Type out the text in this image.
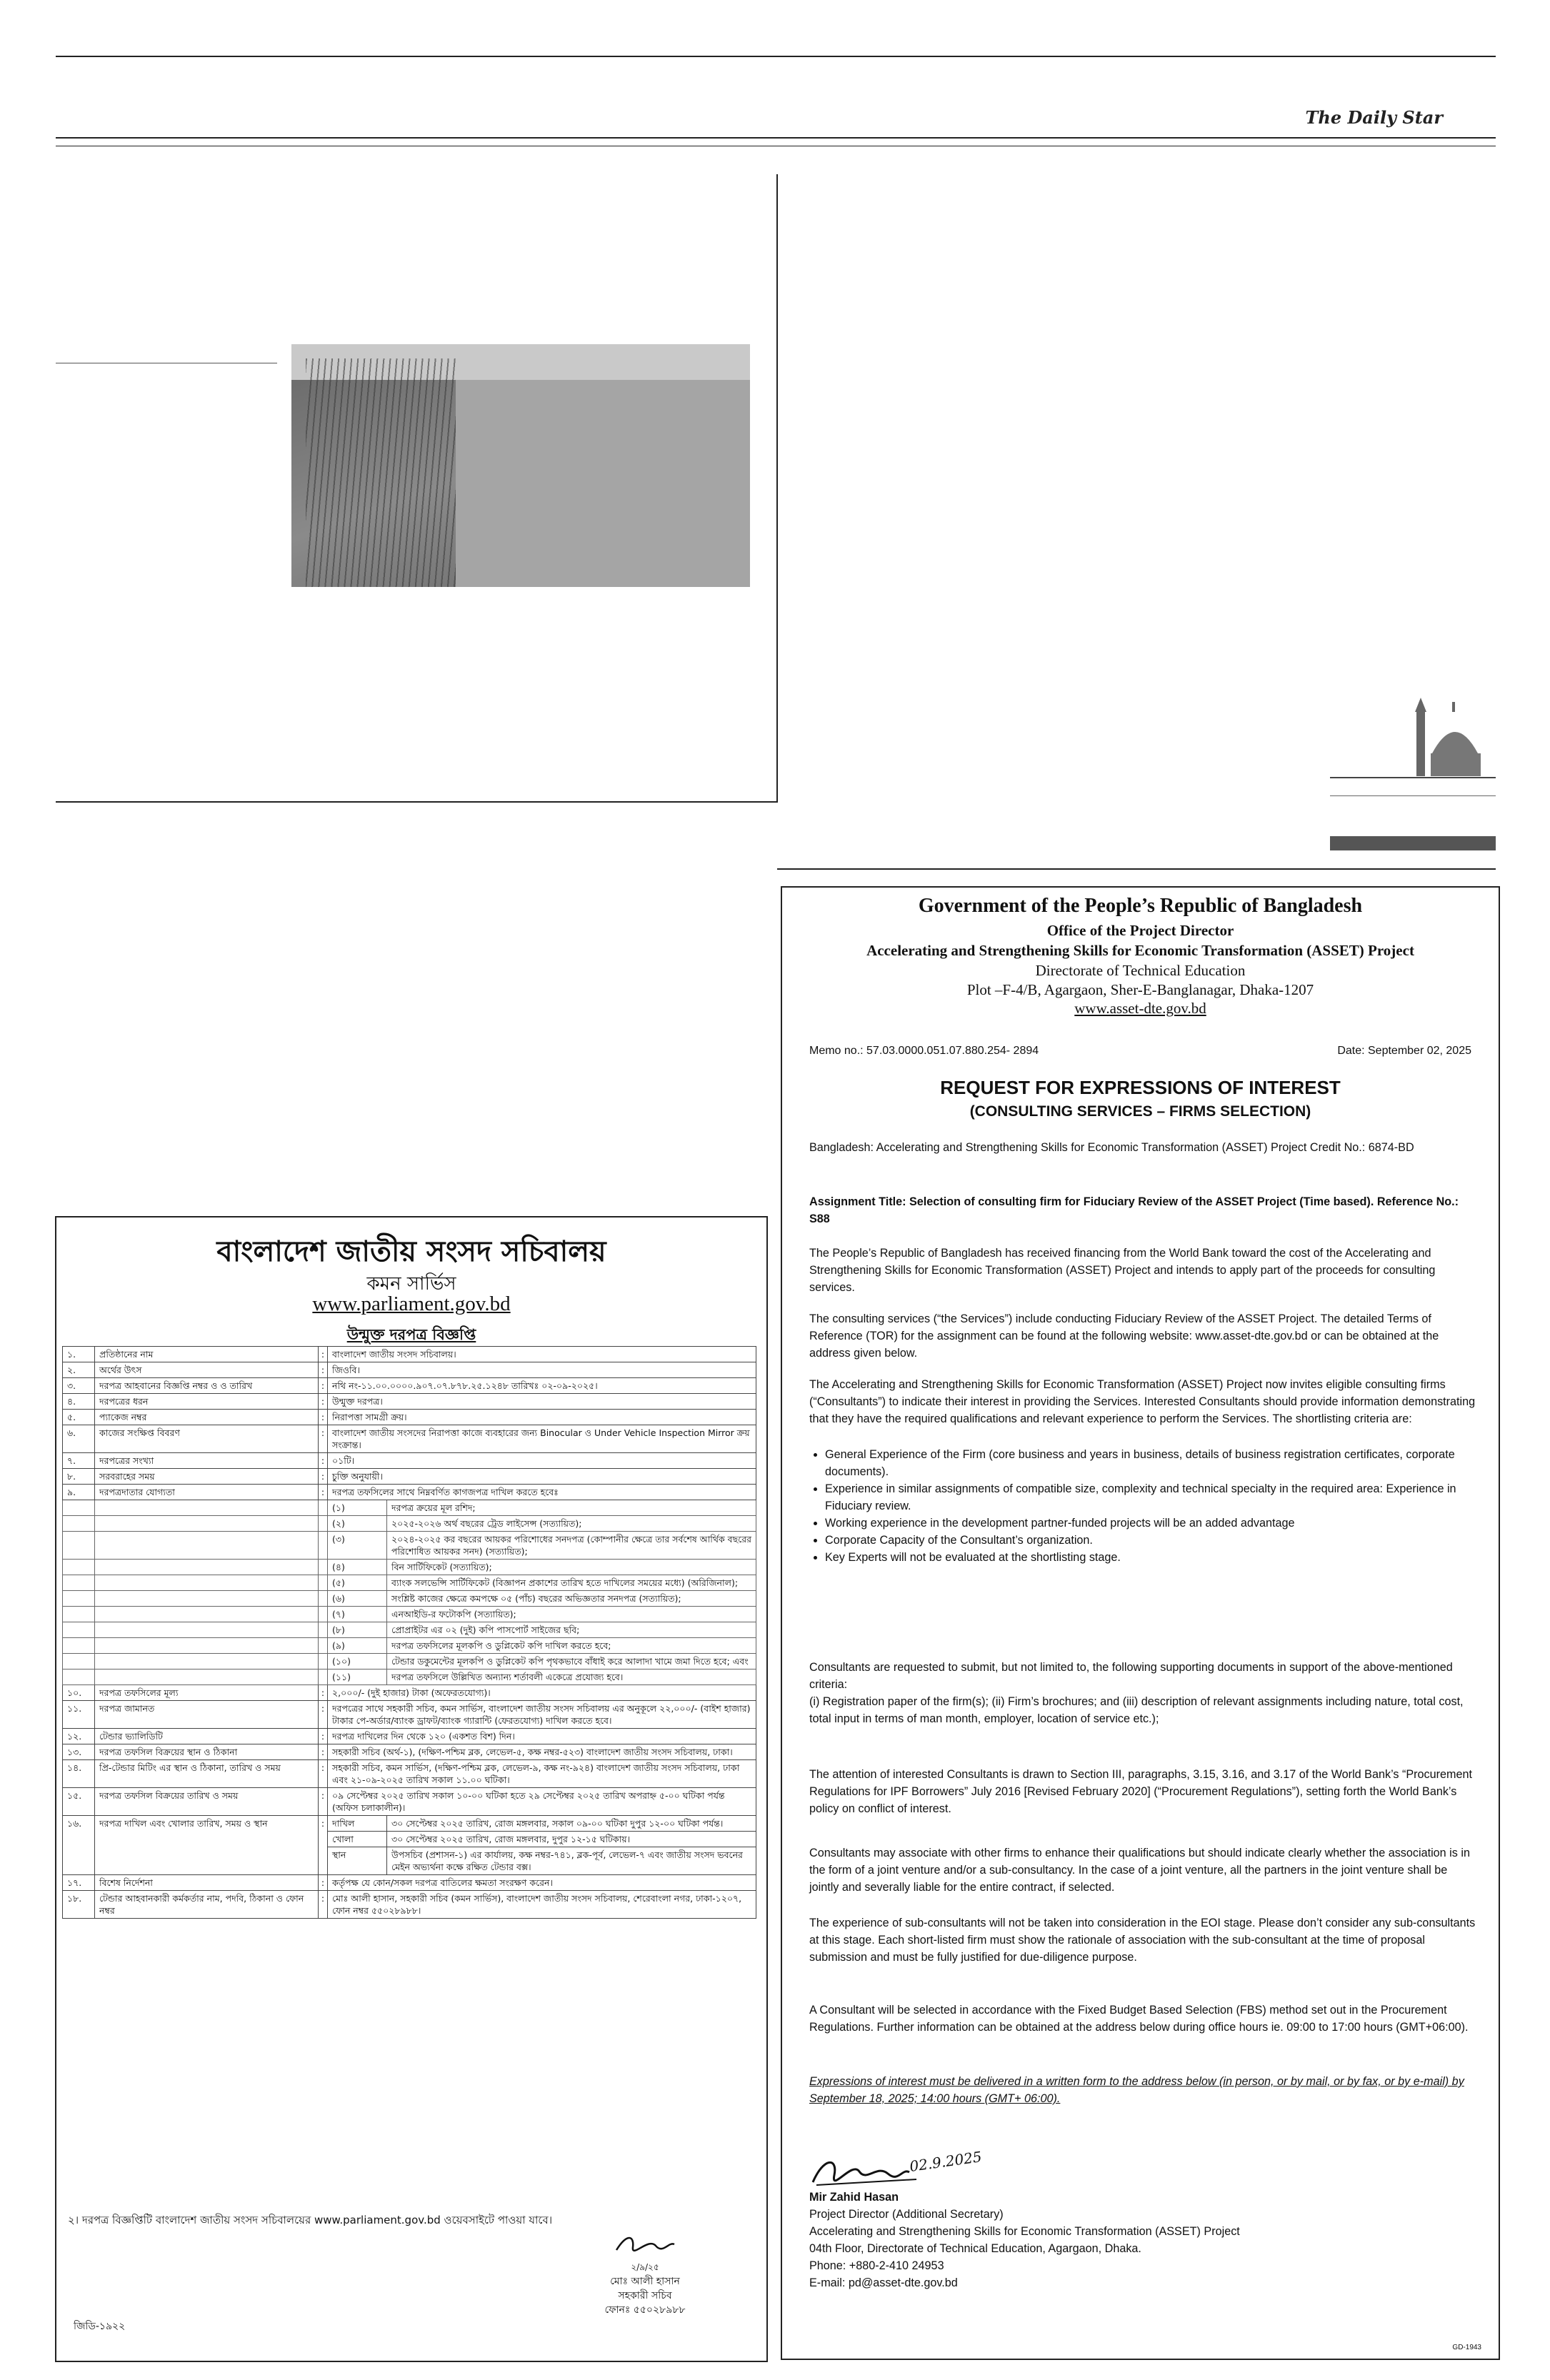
The Daily Star
Government of the People’s Republic of Bangladesh
Office of the Project Director
Accelerating and Strengthening Skills for Economic Transformation (ASSET) Project
Directorate of Technical Education
Plot –F-4/B, Agargaon, Sher-E-Banglanagar, Dhaka-1207
www.asset-dte.gov.bd
Memo no.: 57.03.0000.051.07.880.254- 2894	Date: September 02, 2025
REQUEST FOR EXPRESSIONS OF INTEREST
(CONSULTING SERVICES – FIRMS SELECTION)

Bangladesh: Accelerating and Strengthening Skills for Economic Transformation (ASSET) Project Credit No.: 6874-BD

Assignment Title: Selection of consulting firm for Fiduciary Review of the ASSET Project (Time based). Reference No.: S88

The People’s Republic of Bangladesh has received financing from the World Bank toward the cost of the Accelerating and Strengthening Skills for Economic Transformation (ASSET) Project and intends to apply part of the proceeds for consulting services.

The consulting services (“the Services”) include conducting Fiduciary Review of the ASSET Project. The detailed Terms of Reference (TOR) for the assignment can be found at the following website: www.asset-dte.gov.bd or can be obtained at the address given below.

The Accelerating and Strengthening Skills for Economic Transformation (ASSET) Project now invites eligible consulting firms (“Consultants”) to indicate their interest in providing the Services. Interested Consultants should provide information demonstrating that they have the required qualifications and relevant experience to perform the Services. The shortlisting criteria are:

• General Experience of the Firm (core business and years in business, details of business registration certificates, corporate documents).
• Experience in similar assignments of compatible size, complexity and technical specialty in the required area: Experience in Fiduciary review.
• Working experience in the development partner-funded projects will be an added advantage
• Corporate Capacity of the Consultant’s organization.
• Key Experts will not be evaluated at the shortlisting stage.

Consultants are requested to submit, but not limited to, the following supporting documents in support of the above-mentioned criteria:

(i) Registration paper of the firm(s); (ii) Firm’s brochures; and (iii) description of relevant assignments including nature, total cost, total input in terms of man month, employer, location of service etc.);

The attention of interested Consultants is drawn to Section III, paragraphs, 3.15, 3.16, and 3.17 of the World Bank’s “Procurement Regulations for IPF Borrowers” July 2016 [Revised February 2020] (“Procurement Regulations”), setting forth the World Bank’s policy on conflict of interest.

Consultants may associate with other firms to enhance their qualifications but should indicate clearly whether the association is in the form of a joint venture and/or a sub-consultancy. In the case of a joint venture, all the partners in the joint venture shall be jointly and severally liable for the entire contract, if selected.

The experience of sub-consultants will not be taken into consideration in the EOI stage. Please don’t consider any sub-consultants at this stage. Each short-listed firm must show the rationale of association with the sub-consultant at the time of proposal submission and must be fully justified for due-diligence purpose.

A Consultant will be selected in accordance with the Fixed Budget Based Selection (FBS) method set out in the Procurement Regulations. Further information can be obtained at the address below during office hours ie. 09:00 to 17:00 hours (GMT+06:00).

Expressions of interest must be delivered in a written form to the address below (in person, or by mail, or by fax, or by e-mail) by September 18, 2025; 14:00 hours (GMT+ 06:00).

02.9.2025

Mir Zahid Hasan

Project Director (Additional Secretary)

Accelerating and Strengthening Skills for Economic Transformation (ASSET) Project

04th Floor, Directorate of Technical Education, Agargaon, Dhaka.

Phone: +880-2-410 24953

E-mail: pd@asset-dte.gov.bd

GD-1943
বাংলাদেশ জাতীয় সংসদ সচিবালয়
কমন সার্ভিস
www.parliament.gov.bd
উন্মুক্ত দরপত্র বিজ্ঞপ্তি
১.	প্রতিষ্ঠানের নাম	:	বাংলাদেশ জাতীয় সংসদ সচিবালয়।	
২.	অর্থের উৎস	:	জিওবি।	
৩.	দরপত্র আহবানের বিজ্ঞপ্তি নম্বর ও ও তারিখ	:	নথি নং-১১.০০.০০০০.৯০৭.০৭.৮৭৮.২৫.১২৪৮ তারিখঃ ০২-০৯-২০২৫।	
৪.	দরপত্রের ধরন	:	উন্মুক্ত দরপত্র।	
৫.	প্যাকেজ নম্বর	:	নিরাপত্তা সামগ্রী ক্রয়।	
৬.	কাজের সংক্ষিপ্ত বিবরণ	:	বাংলাদেশ জাতীয় সংসদের নিরাপত্তা কাজে ব্যবহারের জন্য Binocular ও Under Vehicle Inspection Mirror ক্রয় সংক্রান্ত।	
৭.	দরপত্রের সংখ্যা	:	০১টি।	
৮.	সরবরাহের সময়	:	চুক্তি অনুযায়ী।	
৯.	দরপত্রদাতার যোগ্যতা	:	দরপত্র তফসিলের সাথে নিম্নবর্ণিত কাগজপত্র দাখিল করতে হবেঃ	
			(১)	দরপত্র ক্রয়ের মূল রশিদ;
			(২)	২০২৫-২০২৬ অর্থ বছরের ট্রেড লাইসেন্স (সত্যায়িত);
			(৩)	২০২৪-২০২৫ কর বছরের আয়কর পরিশোধের সনদপত্র (কোম্পানীর ক্ষেত্রে তার সর্বশেষ আর্থিক বছরের পরিশোধিত আয়কর সনদ) (সত্যায়িত);
			(৪)	বিন সার্টিফিকেট (সত্যায়িত);
			(৫)	ব্যাংক সলভেন্সি সার্টিফিকেট (বিজ্ঞাপন প্রকাশের তারিখ হতে দাখিলের সময়ের মধ্যে) (অরিজিনাল);
			(৬)	সংশ্লিষ্ট কাজের ক্ষেত্রে কমপক্ষে ০৫ (পাঁচ) বছরের অভিজ্ঞতার সনদপত্র (সত্যায়িত);
			(৭)	এনআইডি-র ফটোকপি (সত্যায়িত);
			(৮)	প্রোপ্রাইটর এর ০২ (দুই) কপি পাসপোর্ট সাইজের ছবি;
			(৯)	দরপত্র তফসিলের মূলকপি ও ডুপ্লিকেট কপি দাখিল করতে হবে;
			(১০)	টেন্ডার ডকুমেন্টের মূলকপি ও ডুপ্লিকেট কপি পৃথকভাবে বাঁধাই করে আলাদা খামে জমা দিতে হবে; এবং
			(১১)	দরপত্র তফসিলে উল্লিখিত অন্যান্য শর্তাবলী একেত্রে প্রযোজ্য হবে।
১০.	দরপত্র তফসিলের মূল্য	:	২,০০০/- (দুই হাজার) টাকা (অফেরতযোগ্য)।	
১১.	দরপত্র জামানত	:	দরপত্রের সাথে সহকারী সচিব, কমন সার্ভিস, বাংলাদেশ জাতীয় সংসদ সচিবালয় এর অনুকূলে ২২,০০০/- (বাইশ হাজার) টাকার পে-অর্ডার/ব্যাংক ড্রাফট/ব্যাংক গ্যারান্টি (ফেরতযোগ্য) দাখিল করতে হবে।	
১২.	টেন্ডার ভ্যালিডিটি	:	দরপত্র দাখিলের দিন থেকে ১২০ (একশত বিশ) দিন।	
১৩.	দরপত্র তফসিল বিক্রয়ের স্থান ও ঠিকানা	:	সহকারী সচিব (অর্থ-১), (দক্ষিণ-পশ্চিম ব্লক, লেভেল-৫, কক্ষ নম্বর-৫২৩) বাংলাদেশ জাতীয় সংসদ সচিবালয়, ঢাকা।	
১৪.	প্রি-টেন্ডার মিটিং এর স্থান ও ঠিকানা, তারিখ ও সময়	:	সহকারী সচিব, কমন সার্ভিস, (দক্ষিণ-পশ্চিম ব্লক, লেভেল-৯, কক্ষ নং-৯২৪) বাংলাদেশ জাতীয় সংসদ সচিবালয়, ঢাকা এবং ২১-০৯-২০২৫ তারিখ সকাল ১১.০০ ঘটিকা।	
১৫.	দরপত্র তফসিল বিক্রয়ের তারিখ ও সময়	:	০৯ সেপ্টেম্বর ২০২৫ তারিখ সকাল ১০-০০ ঘটিকা হতে ২৯ সেপ্টেম্বর ২০২৫ তারিখ অপরাহ্ন ৫-০০ ঘটিকা পর্যন্ত (অফিস চলাকালীন)।	
১৬.	দরপত্র দাখিল এবং খোলার তারিখ, সময় ও স্থান	:	দাখিল	৩০ সেপ্টেম্বর ২০২৫ তারিখ, রোজ মঙ্গলবার, সকাল ০৯-০০ ঘটিকা দুপুর ১২-০০ ঘটিকা পর্যন্ত।
			খোলা	৩০ সেপ্টেম্বর ২০২৫ তারিখ, রোজ মঙ্গলবার, দুপুর ১২-১৫ ঘটিকায়।
			স্থান	উপসচিব (প্রশাসন-১) এর কার্যালয়, কক্ষ নম্বর-৭৪১, ব্লক-পূর্ব, লেভেল-৭ এবং জাতীয় সংসদ ভবনের মেইন অভ্যর্থনা কক্ষে রক্ষিত টেন্ডার বক্স।
১৭.	বিশেষ নির্দেশনা	:	কর্তৃপক্ষ যে কোন/সকল দরপত্র বাতিলের ক্ষমতা সংরক্ষণ করেন।	
১৮.	টেন্ডার আহবানকারী কর্মকর্তার নাম, পদবি, ঠিকানা ও ফোন নম্বর	:	মোঃ আলী হাসান, সহকারী সচিব (কমন সার্ভিস), বাংলাদেশ জাতীয় সংসদ সচিবালয়, শেরেবাংলা নগর, ঢাকা-১২০৭, ফোন নম্বর ৫৫০২৮৯৮৮।	
২। দরপত্র বিজ্ঞপ্তিটি বাংলাদেশ জাতীয় সংসদ সচিবালয়ের www.parliament.gov.bd ওয়েবসাইটে পাওয়া যাবে।
২/৯/২৫
মোঃ আলী হাসান
সহকারী সচিব
ফোনঃ ৫৫০২৮৯৮৮
জিডি-১৯২২
